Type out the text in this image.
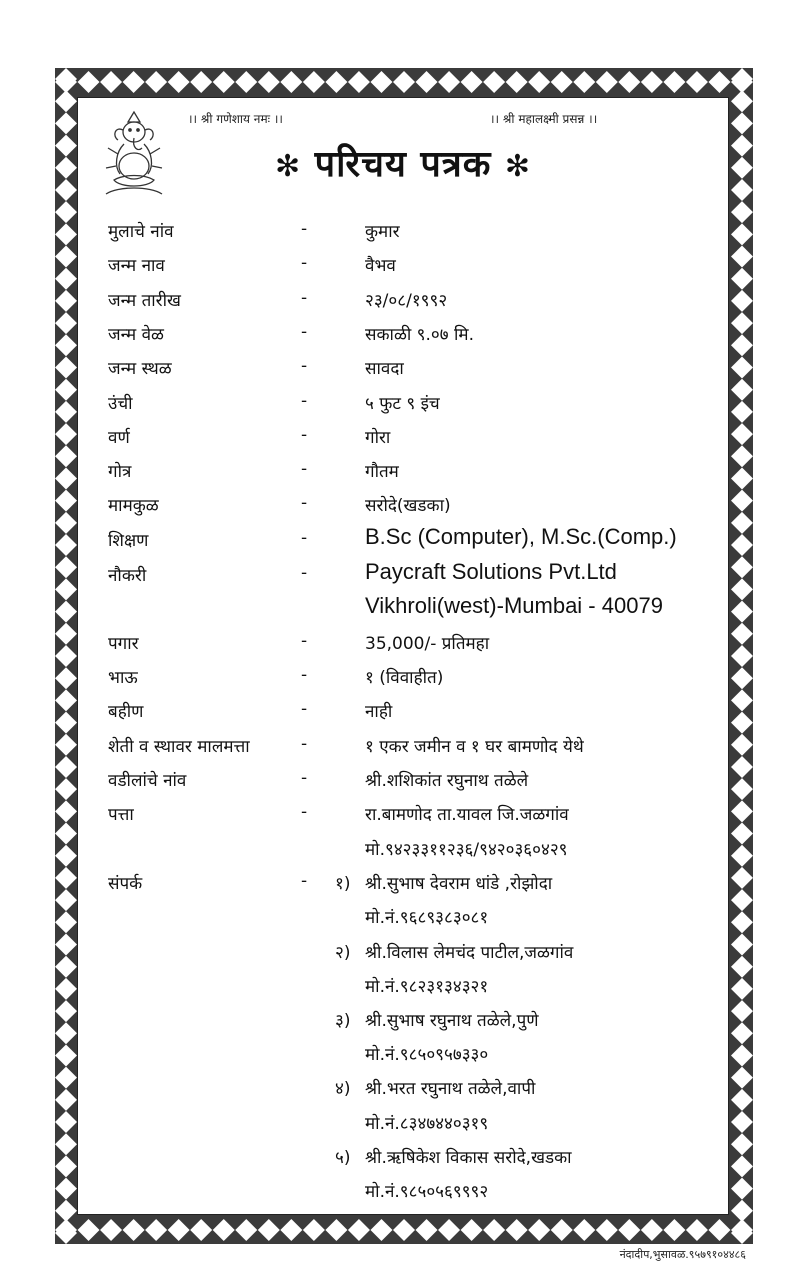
।। श्री गणेशाय नमः ।।	।। श्री महालक्ष्मी प्रसन्न ।।
✻ परिचय पत्रक ✻
मुलाचे नांव	-	कुमार
जन्म नाव	-	वैभव
जन्म तारीख	-	२३/०८/१९९२
जन्म वेळ	-	सकाळी ९.०७ मि.
जन्म स्थळ	-	सावदा
उंची	-	५ फुट ९ इंच
वर्ण	-	गोरा
गोत्र	-	गौतम
मामकुळ	-	सरोदे(खडका)
शिक्षण	-	B.Sc (Computer), M.Sc.(Comp.)
नौकरी	-	Paycraft Solutions Pvt.Ltd
Vikhroli(west)-Mumbai - 40079
पगार	-	35,000/- प्रतिमहा
भाऊ	-	१ (विवाहीत)
बहीण	-	नाही
शेती व स्थावर मालमत्ता	-	१ एकर जमीन व १ घर बामणोद येथे
वडीलांचे नांव	-	श्री.शशिकांत रघुनाथ तळेले
पत्ता	-	रा.बामणोद ता.यावल जि.जळगांव
मो.९४२३३११२३६/९४२०३६०४२९
संपर्क	- १) श्री.सुभाष देवराम धांडे ,रोझोदा
मो.नं.९६८९३८३०८१
२) श्री.विलास लेमचंद पाटील,जळगांव
मो.नं.९८२३१३४३२१
३) श्री.सुभाष रघुनाथ तळेले,पुणे
मो.नं.९८५०९५७३३०
४) श्री.भरत रघुनाथ तळेले,वापी
मो.नं.८३४७४४०३१९
५) श्री.ऋषिकेश विकास सरोदे,खडका
मो.नं.९८५०५६९९९२
नंदादीप,भुसावळ.९५७९१०४४८६
